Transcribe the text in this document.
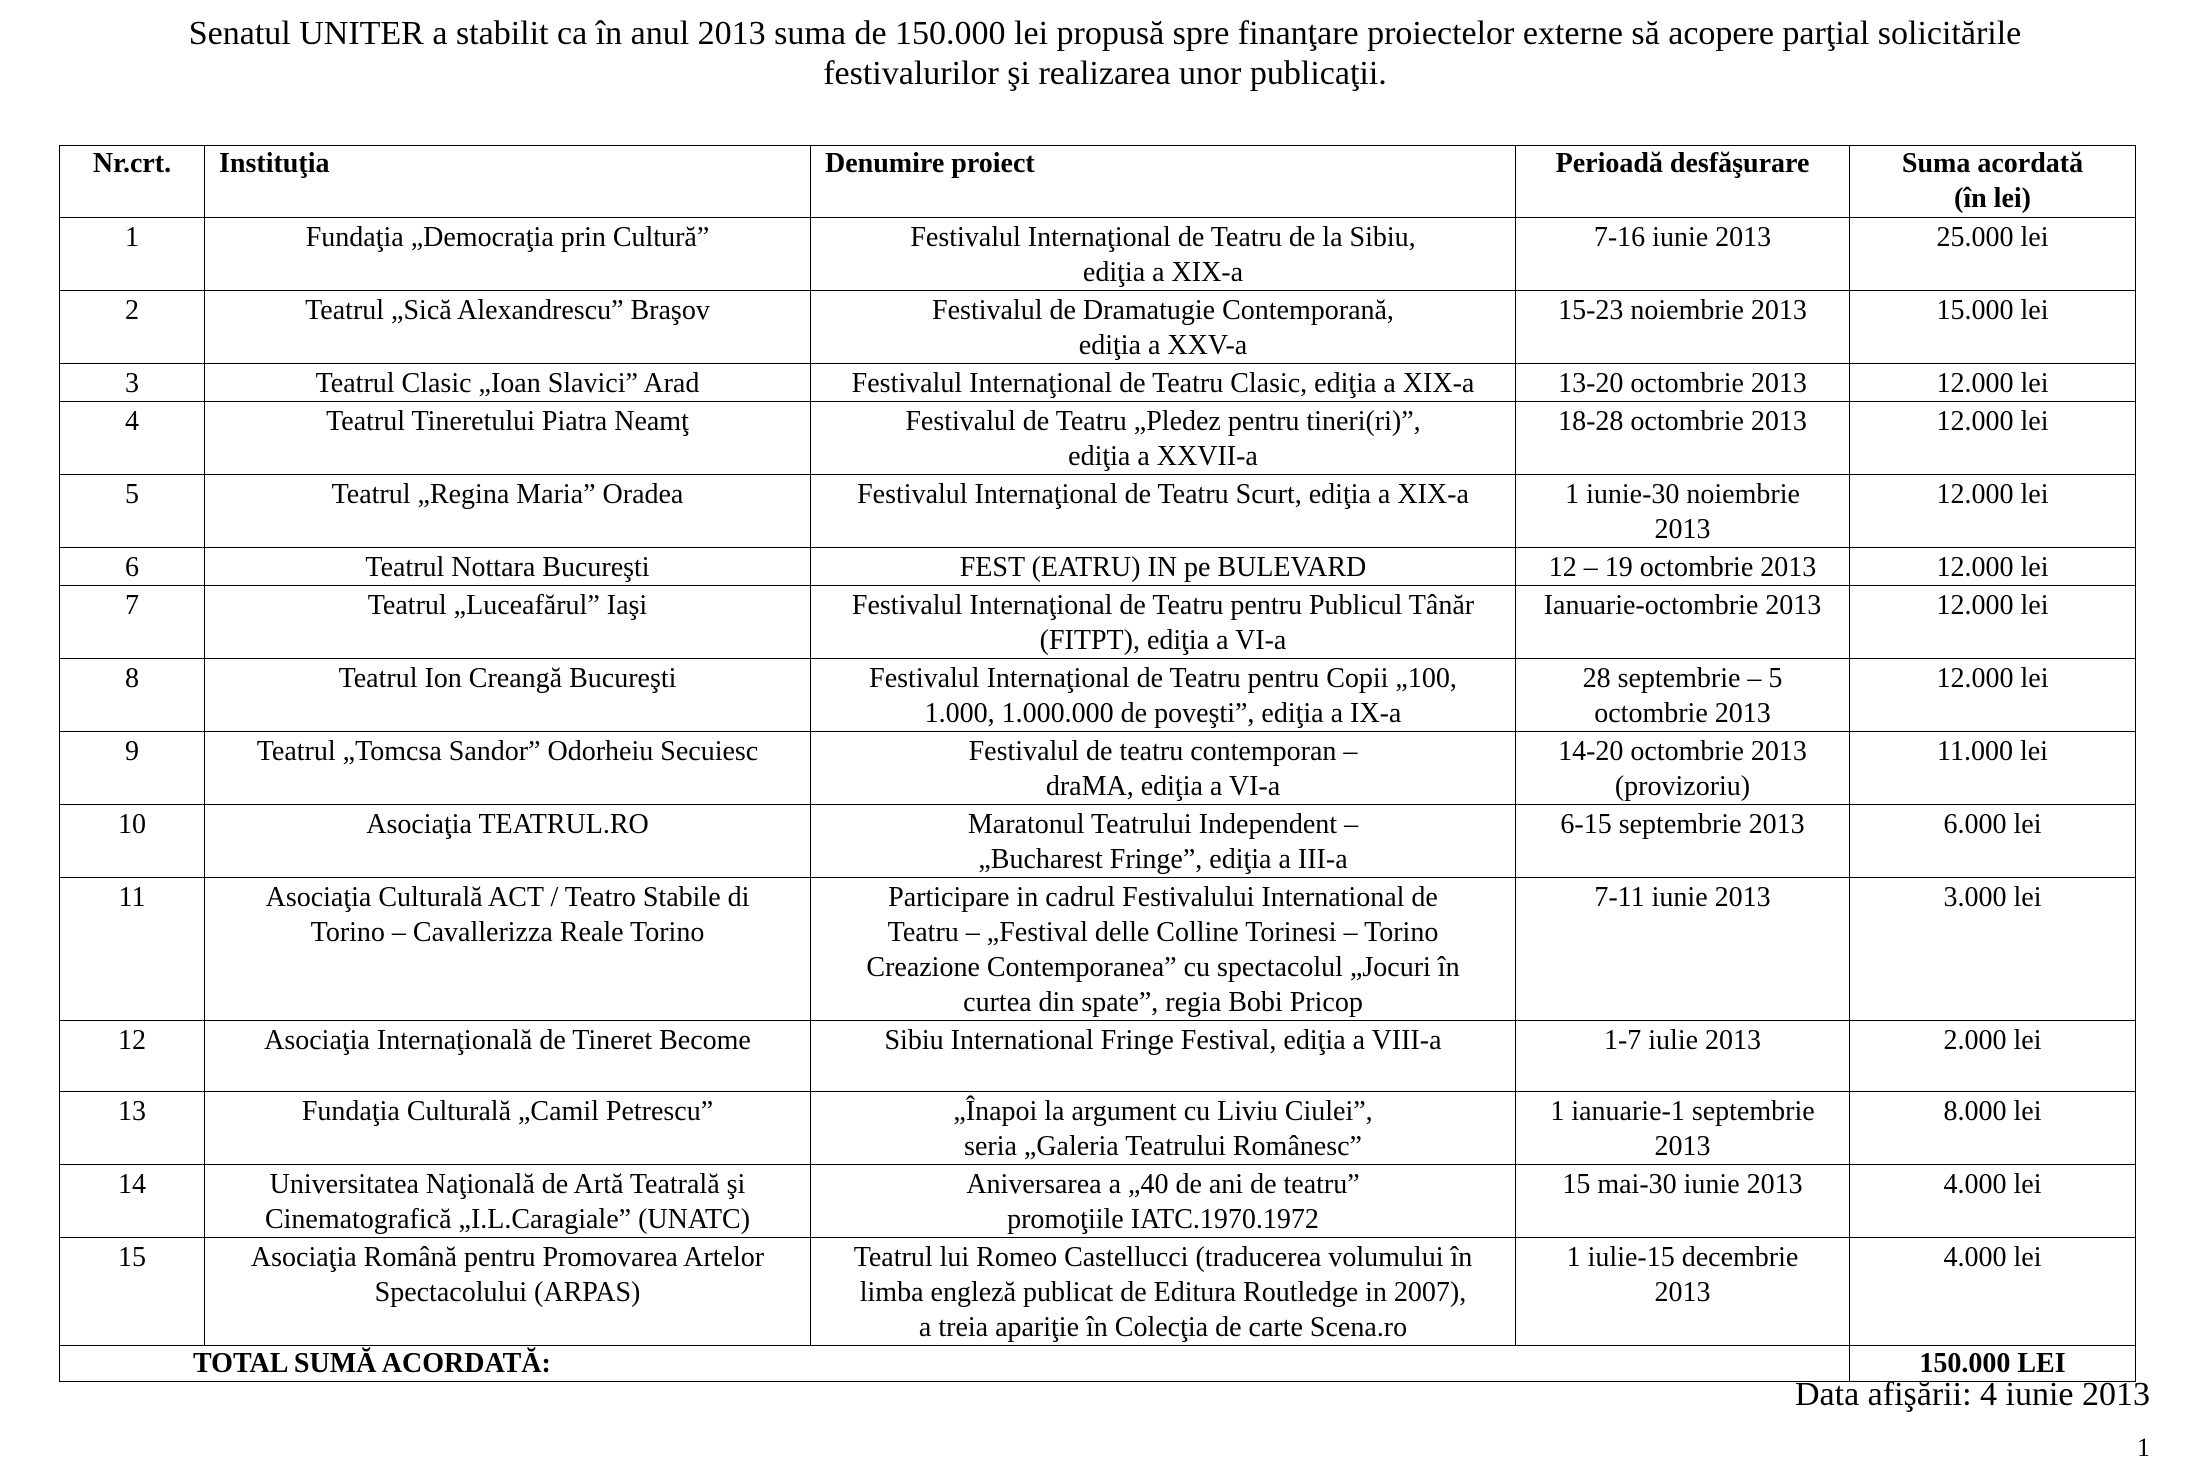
Senatul UNITER a stabilit ca în anul 2013 suma de 150.000 lei propusă spre finanţare proiectelor externe să acopere parţial solicitările
festivalurilor şi realizarea unor publicaţii.
Nr.crt.	Instituţia	Denumire proiect	Perioadă desfăşurare	Suma acordată
(în lei)

1	Fundaţia „Democraţia prin Cultură”	Festivalul Internaţional de Teatru de la Sibiu,
ediţia a XIX-a	7-16 iunie 2013	25.000 lei
2	Teatrul „Sică Alexandrescu” Braşov	Festivalul de Dramatugie Contemporană,
ediţia a XXV-a	15-23 noiembrie 2013	15.000 lei
3	Teatrul Clasic „Ioan Slavici” Arad	Festivalul Internaţional de Teatru Clasic, ediţia a XIX-a	13-20 octombrie 2013	12.000 lei
4	Teatrul Tineretului Piatra Neamţ	Festivalul de Teatru „Pledez pentru tineri(ri)”,
ediţia a XXVII-a	18-28 octombrie 2013	12.000 lei
5	Teatrul „Regina Maria” Oradea	Festivalul Internaţional de Teatru Scurt, ediţia a XIX-a	1 iunie-30 noiembrie
2013	12.000 lei
6	Teatrul Nottara Bucureşti	FEST (EATRU) IN pe BULEVARD	12 – 19 octombrie 2013	12.000 lei
7	Teatrul „Luceafărul” Iaşi	Festivalul Internaţional de Teatru pentru Publicul Tânăr
(FITPT), ediţia a VI-a	Ianuarie-octombrie 2013	12.000 lei
8	Teatrul Ion Creangă Bucureşti	Festivalul Internaţional de Teatru pentru Copii „100,
1.000, 1.000.000 de poveşti”, ediţia a IX-a	28 septembrie – 5
octombrie 2013	12.000 lei
9	Teatrul „Tomcsa Sandor” Odorheiu Secuiesc	Festivalul de teatru contemporan –
draMA, ediţia a VI-a	14-20 octombrie 2013
(provizoriu)	11.000 lei
10	Asociaţia TEATRUL.RO	Maratonul Teatrului Independent –
„Bucharest Fringe”, ediţia a III-a	6-15 septembrie 2013	6.000 lei
11	Asociaţia Culturală ACT / Teatro Stabile di
Torino – Cavallerizza Reale Torino	Participare in cadrul Festivalului International de
Teatru – „Festival delle Colline Torinesi – Torino
Creazione Contemporanea” cu spectacolul „Jocuri în
curtea din spate”, regia Bobi Pricop	7-11 iunie 2013	3.000 lei
12	Asociaţia Internaţională de Tineret Become	Sibiu International Fringe Festival, ediţia a VIII-a	1-7 iulie 2013	2.000 lei
13	Fundaţia Culturală „Camil Petrescu”	„Înapoi la argument cu Liviu Ciulei”,
seria „Galeria Teatrului Românesc”	1 ianuarie-1 septembrie
2013	8.000 lei
14	Universitatea Naţională de Artă Teatrală şi
Cinematografică „I.L.Caragiale” (UNATC)	Aniversarea a „40 de ani de teatru”
promoţiile IATC.1970.1972	15 mai-30 iunie 2013	4.000 lei
15	Asociaţia Română pentru Promovarea Artelor
Spectacolului (ARPAS)	Teatrul lui Romeo Castellucci (traducerea volumului în
limba engleză publicat de Editura Routledge in 2007),
a treia apariţie în Colecţia de carte Scena.ro	1 iulie-15 decembrie
2013	4.000 lei
TOTAL SUMĂ ACORDATĂ:				150.000 LEI
Data afişării: 4 iunie 2013
1
